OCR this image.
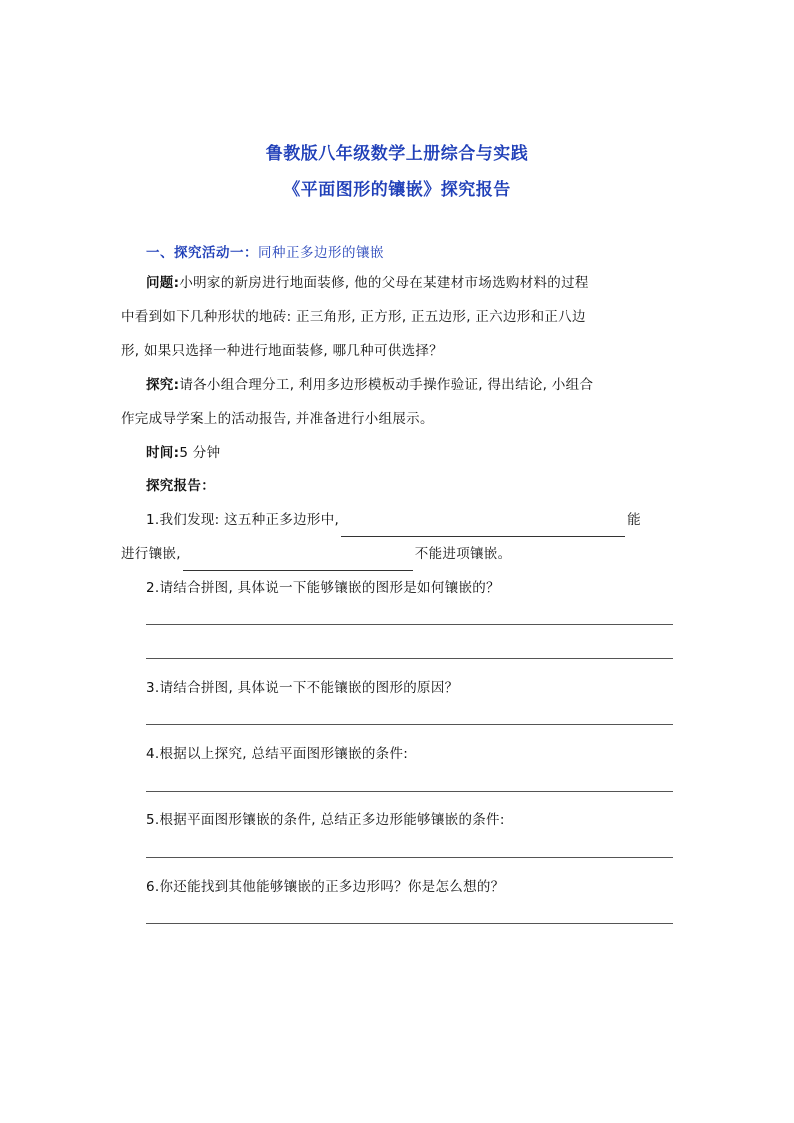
鲁教版八年级数学上册综合与实践
《平面图形的镶嵌》探究报告
一、探究活动一：同种正多边形的镶嵌
问题:小明家的新房进行地面装修, 他的父母在某建材市场选购材料的过程
中看到如下几种形状的地砖: 正三角形, 正方形, 正五边形, 正六边形和正八边
形, 如果只选择一种进行地面装修, 哪几种可供选择？
探究:请各小组合理分工, 利用多边形模板动手操作验证, 得出结论, 小组合
作完成导学案上的活动报告, 并准备进行小组展示。
时间:5 分钟
探究报告：
1.我们发现: 这五种正多边形中,	能
进行镶嵌,	不能进项镶嵌。
2.请结合拼图, 具体说一下能够镶嵌的图形是如何镶嵌的？
3.请结合拼图, 具体说一下不能镶嵌的图形的原因？
4.根据以上探究, 总结平面图形镶嵌的条件:
5.根据平面图形镶嵌的条件, 总结正多边形能够镶嵌的条件:
6.你还能找到其他能够镶嵌的正多边形吗？你是怎么想的？
